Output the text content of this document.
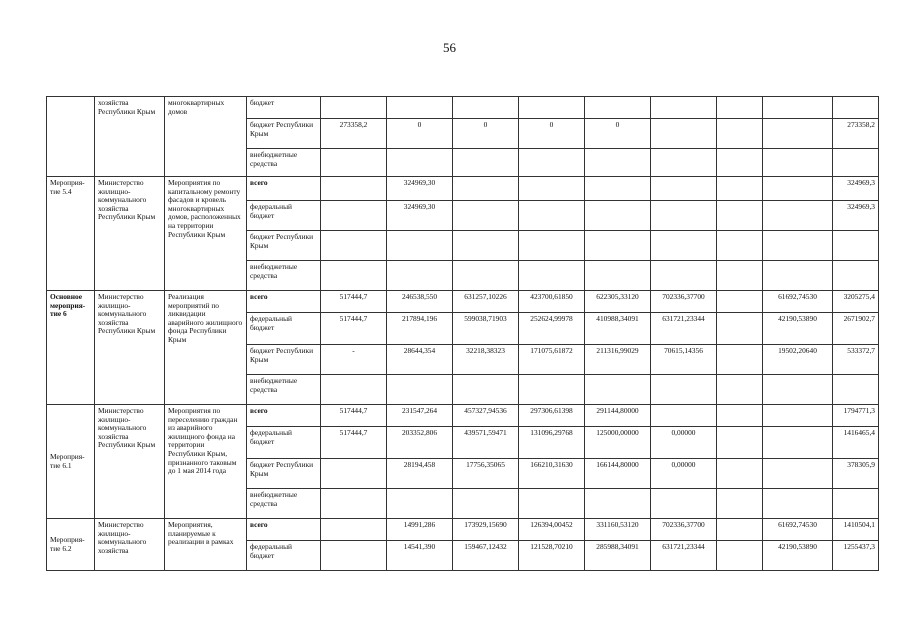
56
	хозяйства Республики Крым	многоквартирных домов	бюджет									
			бюджет Республики Крым	273358,2	0	0	0	0				273358,2
			внебюджетные средства									
Мероприя-тие 5.4	Министерство жилищно-коммунального хозяйства Республики Крым	Мероприятия по капитальному ремонту фасадов и кровель многоквартирных домов, расположенных на территории Республики Крым	всего		324969,30							324969,3
			федеральный бюджет		324969,30							324969,3
			бюджет Республики Крым									
			внебюджетные средства									
Основное мероприя-тие 6	Министерство жилищно-коммунального хозяйства Республики Крым	Реализация мероприятий по ликвидации аварийного жилищного фонда Республики Крым	всего	517444,7	246538,550	631257,10226	423700,61850	622305,33120	702336,37700		61692,74530	3205275,4
			федеральный бюджет	517444,7	217894,196	599038,71903	252624,99978	410988,34091	631721,23344		42190,53890	2671902,7
			бюджет Республики Крым	-	28644,354	32218,38323	171075,61872	211316,99029	70615,14356		19502,20640	533372,7
			внебюджетные средства									
Мероприя-тие 6.1	Министерство жилищно-коммунального хозяйства Республики Крым	Мероприятия по переселению граждан из аварийного жилищного фонда на территории Республики Крым, признанного таковым до 1 мая 2014 года	всего	517444,7	231547,264	457327,94536	297306,61398	291144,80000				1794771,3
			федеральный бюджет	517444,7	203352,806	439571,59471	131096,29768	125000,00000	0,00000			1416465,4
			бюджет Республики Крым		28194,458	17756,35065	166210,31630	166144,80000	0,00000			378305,9
			внебюджетные средства									
Мероприя-тие 6.2	Министерство жилищно-коммунального хозяйства	Мероприятия, планируемые к реализации в рамках	всего		14991,286	173929,15690	126394,00452	331160,53120	702336,37700		61692,74530	1410504,1
			федеральный бюджет		14541,390	159467,12432	121528,70210	285988,34091	631721,23344		42190,53890	1255437,3
